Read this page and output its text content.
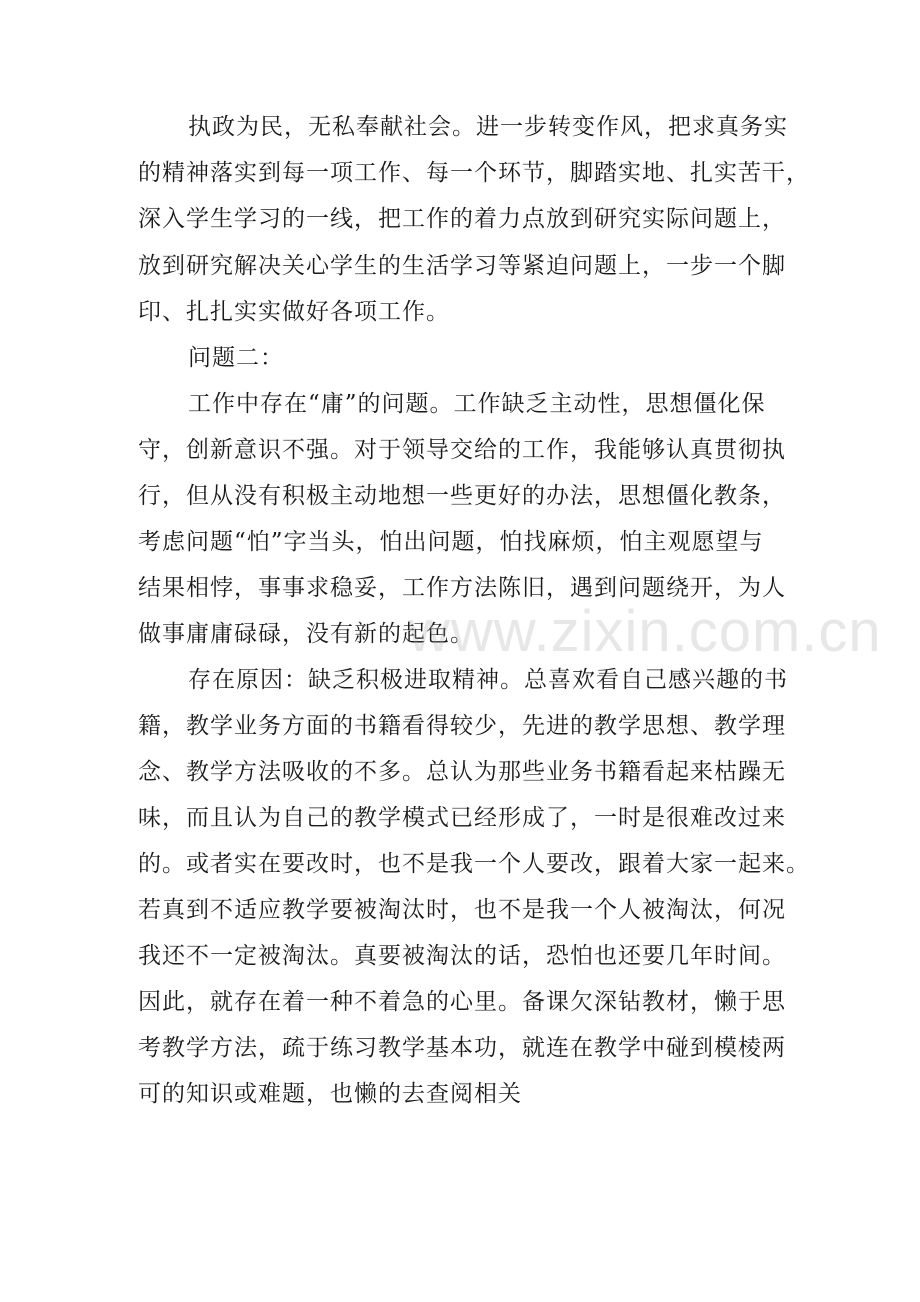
执政为民，无私奉献社会。进一步转变作风，把求真务实
的精神落实到每一项工作、每一个环节，脚踏实地、扎实苦干，
深入学生学习的一线，把工作的着力点放到研究实际问题上，
放到研究解决关心学生的生活学习等紧迫问题上，一步一个脚
印、扎扎实实做好各项工作。
问题二：
工作中存在“庸”的问题。工作缺乏主动性，思想僵化保
守，创新意识不强。对于领导交给的工作，我能够认真贯彻执
行，但从没有积极主动地想一些更好的办法，思想僵化教条，
考虑问题“怕”字当头，怕出问题，怕找麻烦，怕主观愿望与
结果相悖，事事求稳妥，工作方法陈旧，遇到问题绕开，为人
做事庸庸碌碌，没有新的起色。
存在原因：缺乏积极进取精神。总喜欢看自己感兴趣的书
籍，教学业务方面的书籍看得较少，先进的教学思想、教学理
念、教学方法吸收的不多。总认为那些业务书籍看起来枯躁无
味，而且认为自己的教学模式已经形成了，一时是很难改过来
的。或者实在要改时，也不是我一个人要改，跟着大家一起来。
若真到不适应教学要被淘汰时，也不是我一个人被淘汰，何况
我还不一定被淘汰。真要被淘汰的话，恐怕也还要几年时间。
因此，就存在着一种不着急的心里。备课欠深钻教材，懒于思
考教学方法，疏于练习教学基本功，就连在教学中碰到模棱两
可的知识或难题，也懒的去查阅相关
www.zixin.com.cn
